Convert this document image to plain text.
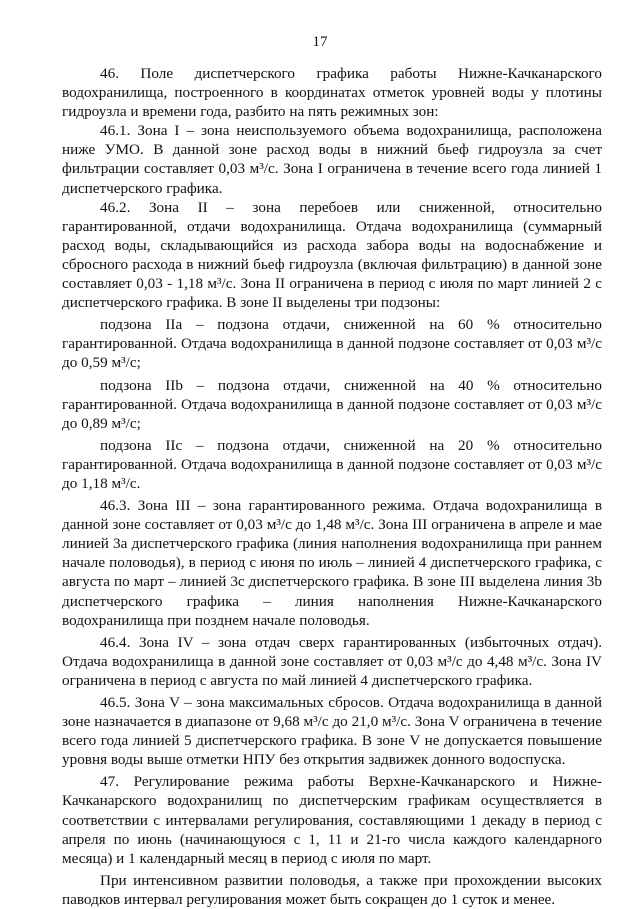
17

46. Поле диспетчерского графика работы Нижне-Качканарского водохранилища, построенного в координатах отметок уровней воды у плотины гидроузла и времени года, разбито на пять режимных зон:

46.1. Зона I – зона неиспользуемого объема водохранилища, расположена ниже УМО. В данной зоне расход воды в нижний бьеф гидроузла за счет фильтрации составляет 0,03 м³/с. Зона I ограничена в течение всего года линией 1 диспетчерского графика.

46.2. Зона II – зона перебоев или сниженной, относительно гарантированной, отдачи водохранилища. Отдача водохранилища (суммарный расход воды, складывающийся из расхода забора воды на водоснабжение и сбросного расхода в нижний бьеф гидроузла (включая фильтрацию) в данной зоне составляет 0,03 - 1,18 м³/с. Зона II ограничена в период с июля по март линией 2 с диспетчерского графика. В зоне II выделены три подзоны:

подзона IIa – подзона отдачи, сниженной на 60 % относительно гарантированной. Отдача водохранилища в данной подзоне составляет от 0,03 м³/с до 0,59 м³/с;

подзона IIb – подзона отдачи, сниженной на 40 % относительно гарантированной. Отдача водохранилища в данной подзоне составляет от 0,03 м³/с до 0,89 м³/с;

подзона IIc – подзона отдачи, сниженной на 20 % относительно гарантированной. Отдача водохранилища в данной подзоне составляет от 0,03 м³/с до 1,18 м³/с.

46.3. Зона III – зона гарантированного режима. Отдача водохранилища в данной зоне составляет от 0,03 м³/с до 1,48 м³/с. Зона III ограничена в апреле и мае линией 3а диспетчерского графика (линия наполнения водохранилища при раннем начале половодья), в период с июня по июль – линией 4 диспетчерского графика, с августа по март – линией 3с диспетчерского графика. В зоне III выделена линия 3b диспетчерского графика – линия наполнения Нижне-Качканарского водохранилища при позднем начале половодья.

46.4. Зона IV – зона отдач сверх гарантированных (избыточных отдач). Отдача водохранилища в данной зоне составляет от 0,03 м³/с до 4,48 м³/с. Зона IV ограничена в период с августа по май линией 4 диспетчерского графика.

46.5. Зона V – зона максимальных сбросов. Отдача водохранилища в данной зоне назначается в диапазоне от 9,68 м³/с до 21,0 м³/с. Зона V ограничена в течение всего года линией 5 диспетчерского графика. В зоне V не допускается повышение уровня воды выше отметки НПУ без открытия задвижек донного водоспуска.

47. Регулирование режима работы Верхне-Качканарского и Нижне-Качканарского водохранилищ по диспетчерским графикам осуществляется в соответствии с интервалами регулирования, составляющими 1 декаду в период с апреля по июнь (начинающуюся с 1, 11 и 21-го числа каждого календарного месяца) и 1 календарный месяц в период с июля по март.

При интенсивном развитии половодья, а также при прохождении высоких паводков интервал регулирования может быть сокращен до 1 суток и менее.
